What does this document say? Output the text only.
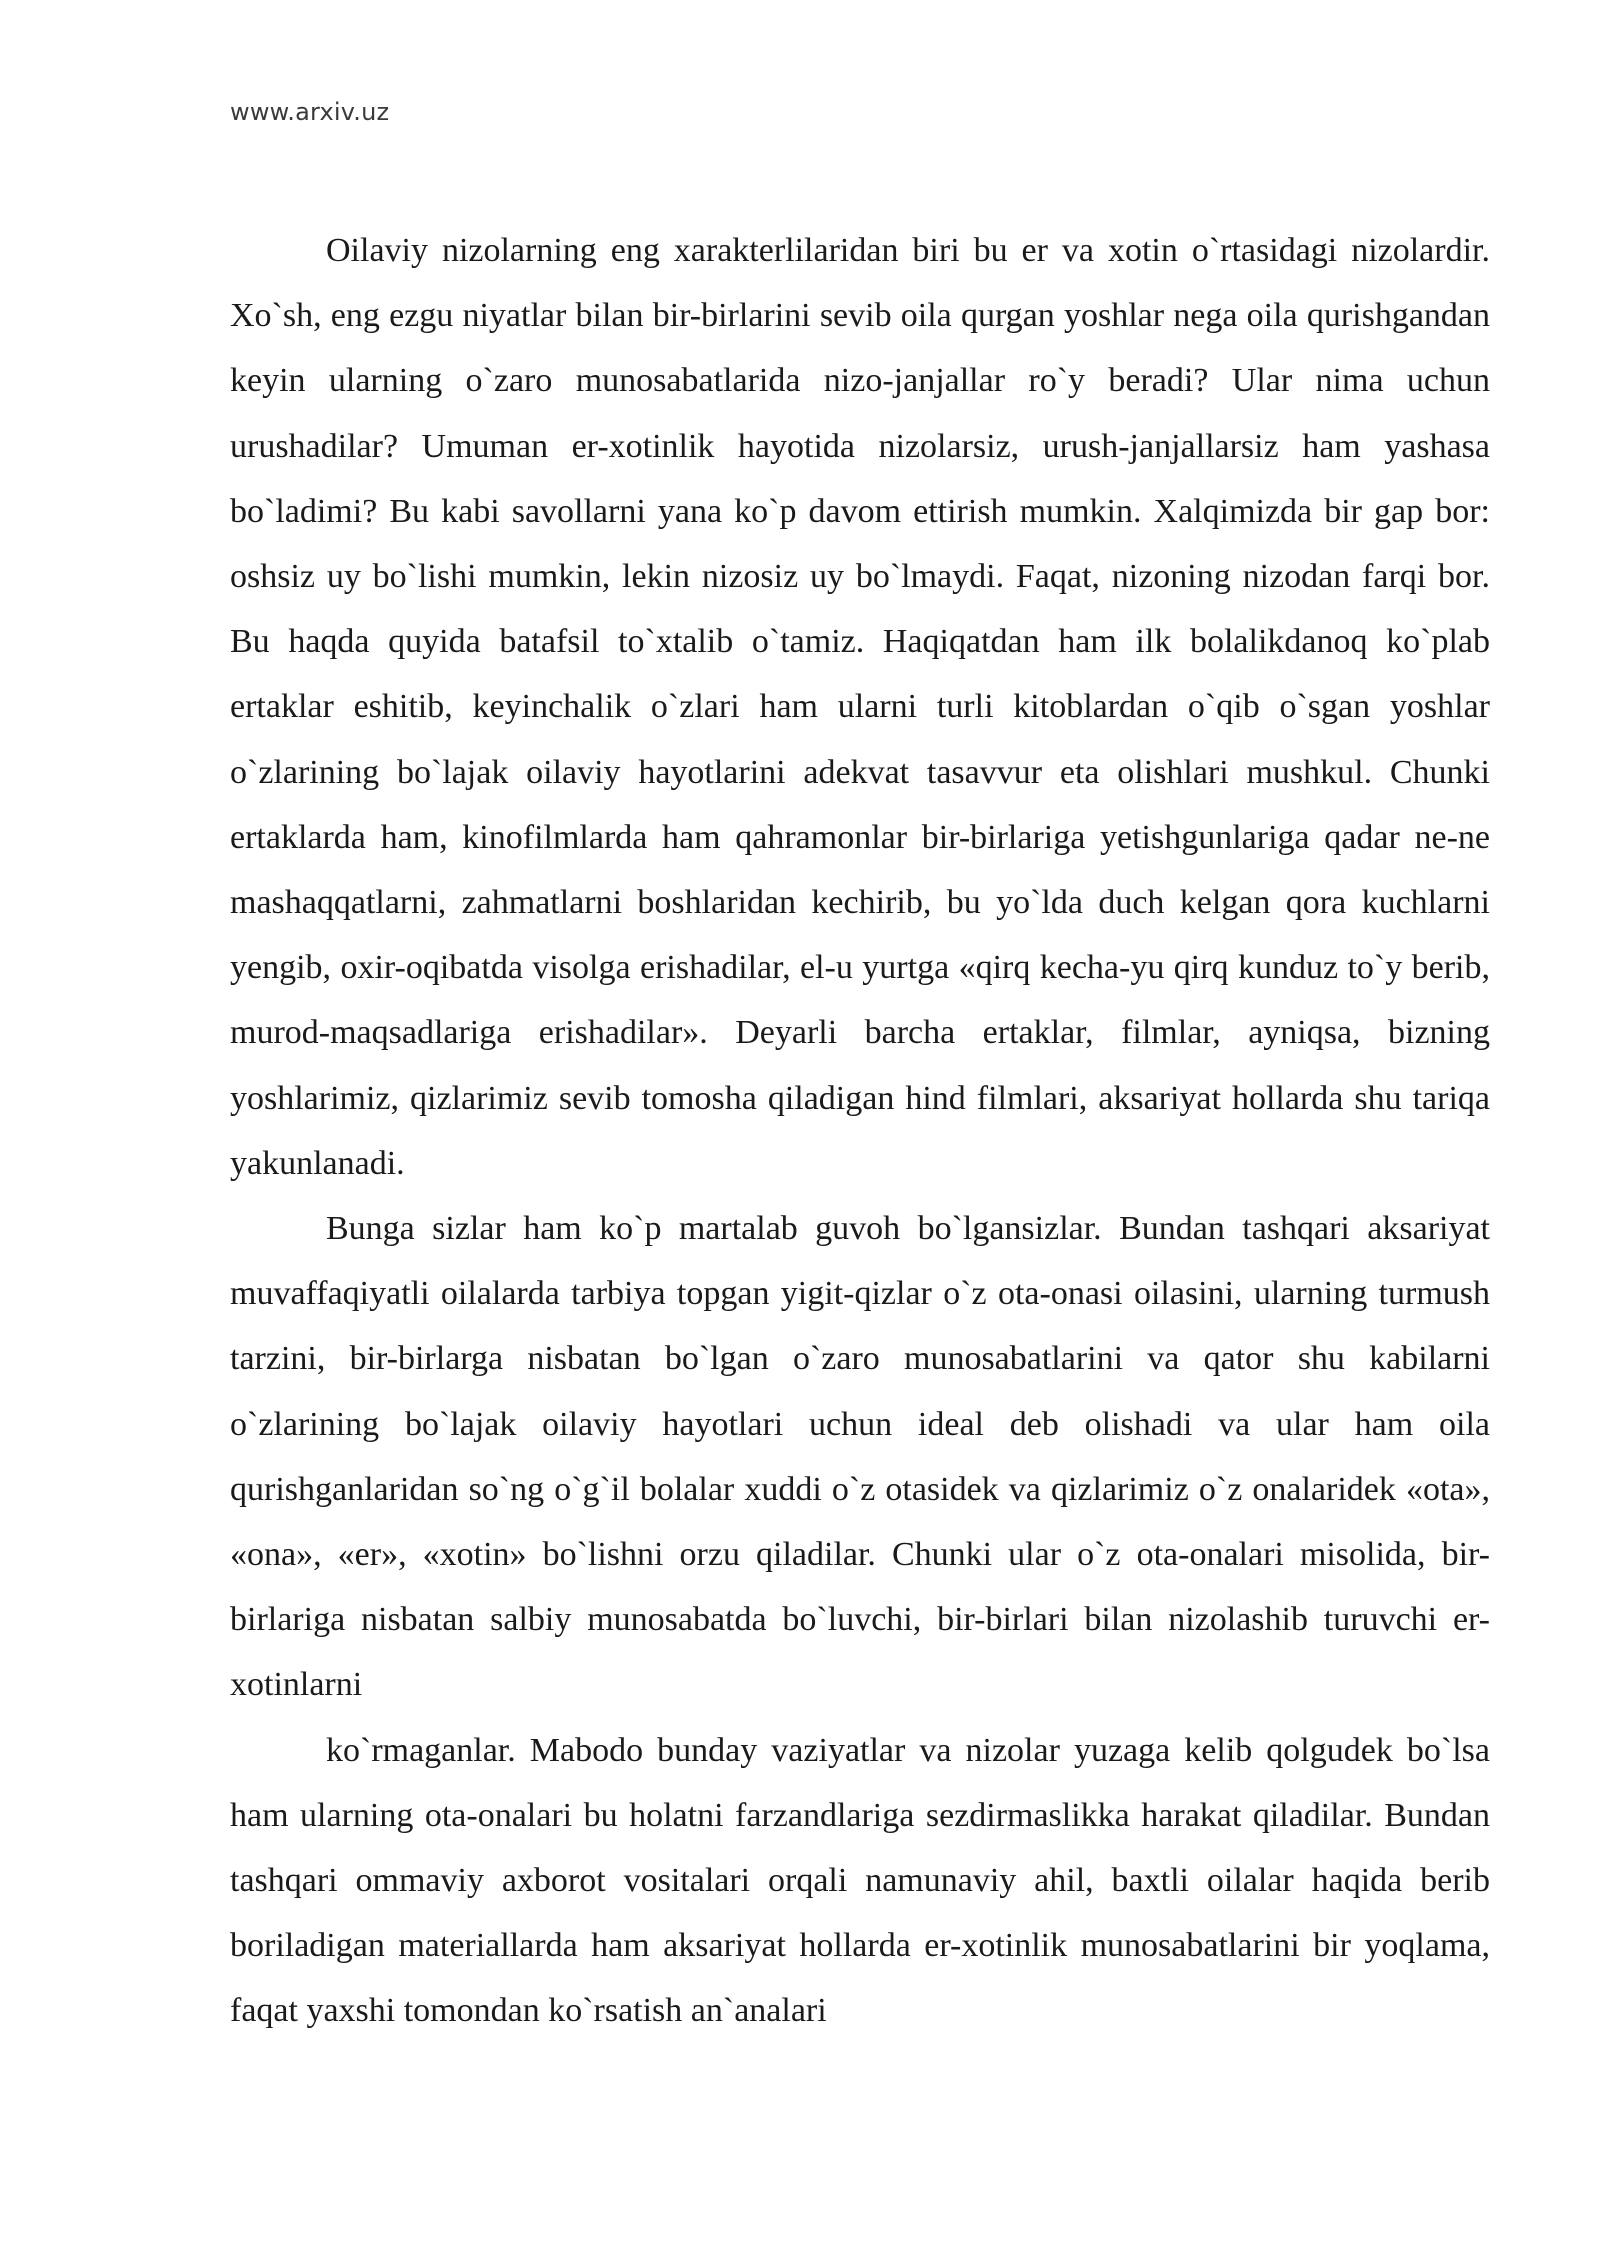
www.arxiv.uz

Oilaviy nizolarning eng xarakterlilaridan biri bu er va xotin o`rtasidagi nizolardir. Xo`sh, eng ezgu niyatlar bilan bir-birlarini sevib oila qurgan yoshlar nega oila qurishgandan keyin ularning o`zaro munosabatlarida nizo-janjallar ro`y beradi? Ular nima uchun urushadilar? Umuman er-xotinlik hayotida nizolarsiz, urush-janjallarsiz ham yashasa bo`ladimi? Bu kabi savollarni yana ko`p davom ettirish mumkin. Xalqimizda bir gap bor: oshsiz uy bo`lishi mumkin, lekin nizosiz uy bo`lmaydi. Faqat, nizoning nizodan farqi bor. Bu haqda quyida batafsil to`xtalib o`tamiz. Haqiqatdan ham ilk bolalikdanoq ko`plab ertaklar eshitib, keyinchalik o`zlari ham ularni turli kitoblardan o`qib o`sgan yoshlar o`zlarining bo`lajak oilaviy hayotlarini adekvat tasavvur eta olishlari mushkul. Chunki ertaklarda ham, kinofilmlarda ham qahramonlar bir-birlariga yetishgunlariga qadar ne-ne mashaqqatlarni, zahmatlarni boshlaridan kechirib, bu yo`lda duch kelgan qora kuchlarni yengib, oxir-oqibatda visolga erishadilar, el-u yurtga «qirq kecha-yu qirq kunduz to`y berib, murod-maqsadlariga erishadilar». Deyarli barcha ertaklar, filmlar, ayniqsa, bizning yoshlarimiz, qizlarimiz sevib tomosha qiladigan hind filmlari, aksariyat hollarda shu tariqa yakunlanadi.

Bunga sizlar ham ko`p martalab guvoh bo`lgansizlar. Bundan tashqari aksariyat muvaffaqiyatli oilalarda tarbiya topgan yigit-qizlar o`z ota-onasi oilasini, ularning turmush tarzini, bir-birlarga nisbatan bo`lgan o`zaro munosabatlarini va qator shu kabilarni o`zlarining bo`lajak oilaviy hayotlari uchun ideal deb olishadi va ular ham oila qurishganlaridan so`ng o`g`il bolalar xuddi o`z otasidek va qizlarimiz o`z onalaridek «ota», «ona», «er», «xotin» bo`lishni orzu qiladilar. Chunki ular o`z ota-onalari misolida, bir-birlariga nisbatan salbiy munosabatda bo`luvchi, bir-birlari bilan nizolashib turuvchi er-xotinlarni

ko`rmaganlar. Mabodo bunday vaziyatlar va nizolar yuzaga kelib qolgudek bo`lsa ham ularning ota-onalari bu holatni farzandlariga sezdirmaslikka harakat qiladilar. Bundan tashqari ommaviy axborot vositalari orqali namunaviy ahil, baxtli oilalar haqida berib boriladigan materiallarda ham aksariyat hollarda er-xotinlik munosabatlarini bir yoqlama, faqat yaxshi tomondan ko`rsatish an`analari
